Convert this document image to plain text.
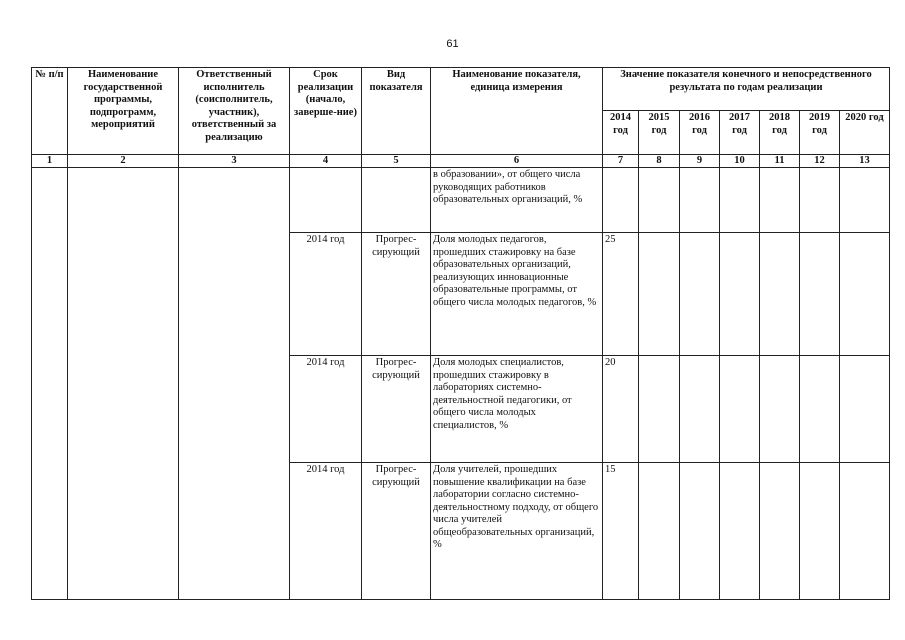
61
№ п/п	Наименование государственной программы, подпрограмм, мероприятий	Ответственный исполнитель (соисполнитель, участник), ответственный за реализацию	Срок реализации (начало, заверше-ние)	Вид показателя	Наименование показателя, единица измерения	Значение показателя конечного и непосредственного результата по годам реализации						
						2014 год	2015 год	2016 год	2017 год	2018 год	2019 год	2020 год
1	2	3	4	5	6	7	8	9	10	11	12	13
					в образовании», от общего числа руководящих работников образовательных организаций, %							
			2014 год	Прогрес-сирующий	Доля молодых педагогов, прошедших стажировку на базе образовательных организаций, реализующих инновационные образовательные программы, от общего числа молодых педагогов, %	25						
			2014 год	Прогрес-сирующий	Доля молодых специалистов, прошедших стажировку в лабораториях системно-деятельностной педагогики, от общего числа молодых специалистов, %	20						
			2014 год	Прогрес-сирующий	Доля учителей, прошедших повышение квалификации на базе лаборатории согласно системно-деятельностному подходу, от общего числа учителей общеобразовательных организаций, %	15						
